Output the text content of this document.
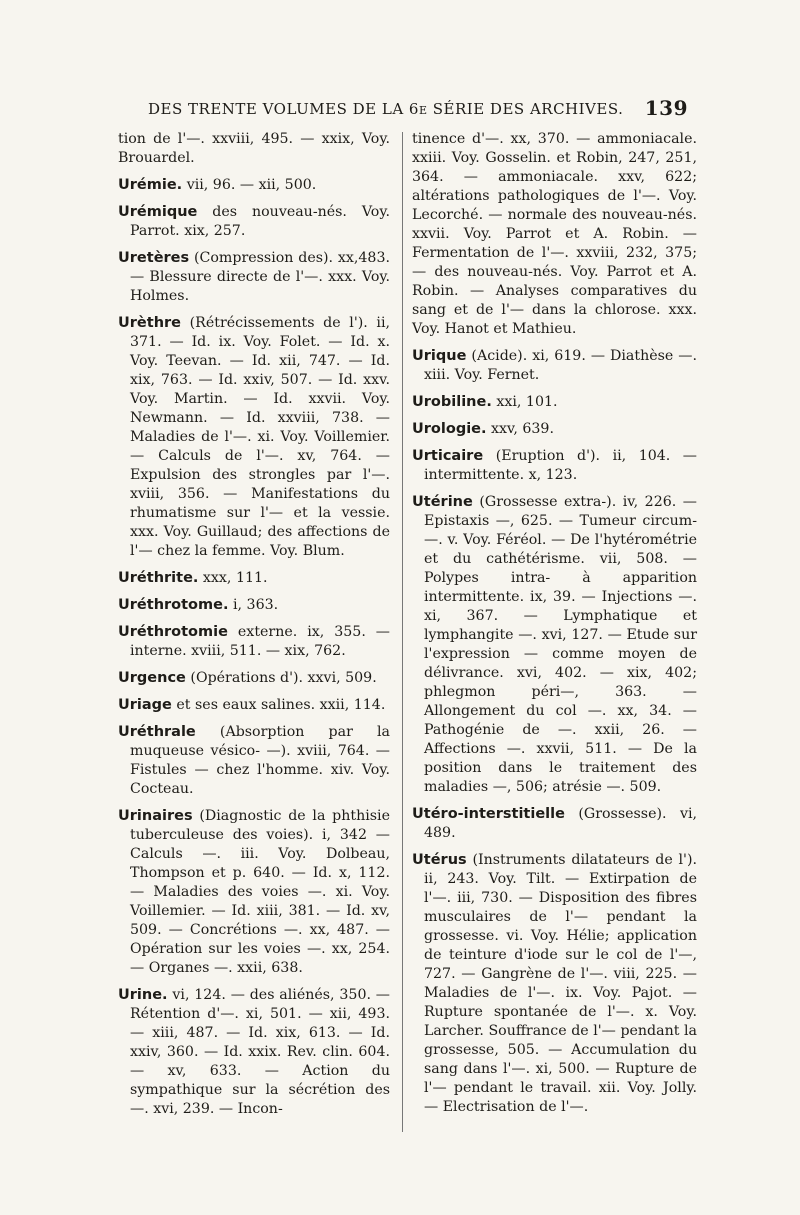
DES TRENTE VOLUMES DE LA 6e SÉRIE DES ARCHIVES. 139
tion de l'—. xxviii, 495. — xxix, Voy. Brouardel.
Urémie. vii, 96. — xii, 500.
Urémique des nouveau-nés. Voy. Parrot. xix, 257.
Uretères (Compression des). xx,483. — Blessure directe de l'—. xxx. Voy. Holmes.
Urèthre (Rétrécissements de l'). ii, 371. — Id. ix. Voy. Folet. — Id. x. Voy. Teevan. — Id. xii, 747. — Id. xix, 763. — Id. xxiv, 507. — Id. xxv. Voy. Martin. — Id. xxvii. Voy. Newmann. — Id. xxviii, 738. — Maladies de l'—. xi. Voy. Voillemier. — Calculs de l'—. xv, 764. — Expulsion des strongles par l'—. xviii, 356. — Manifestations du rhumatisme sur l'— et la vessie. xxx. Voy. Guillaud; des affections de l'— chez la femme. Voy. Blum.
Uréthrite. xxx, 111.
Uréthrotome. i, 363.
Uréthrotomie externe. ix, 355. — interne. xviii, 511. — xix, 762.
Urgence (Opérations d'). xxvi, 509.
Uriage et ses eaux salines. xxii, 114.
Uréthrale (Absorption par la muqueuse vésico- —). xviii, 764. — Fistules — chez l'homme. xiv. Voy. Cocteau.
Urinaires (Diagnostic de la phthisie tuberculeuse des voies). i, 342 — Calculs —. iii. Voy. Dolbeau, Thompson et p. 640. — Id. x, 112. — Maladies des voies —. xi. Voy. Voillemier. — Id. xiii, 381. — Id. xv, 509. — Concrétions —. xx, 487. — Opération sur les voies —. xx, 254. — Organes —. xxii, 638.
Urine. vi, 124. — des aliénés, 350. — Rétention d'—. xi, 501. — xii, 493. — xiii, 487. — Id. xix, 613. — Id. xxiv, 360. — Id. xxix. Rev. clin. 604. — xv, 633. — Action du sympathique sur la sécrétion des —. xvi, 239. — Incon-
tinence d'—. xx, 370. — ammoniacale. xxiii. Voy. Gosselin. et Robin, 247, 251, 364. — ammoniacale. xxv, 622; altérations pathologiques de l'—. Voy. Lecorché. — normale des nouveau-nés. xxvii. Voy. Parrot et A. Robin. — Fermentation de l'—. xxviii, 232, 375; — des nouveau-nés. Voy. Parrot et A. Robin. — Analyses comparatives du sang et de l'— dans la chlorose. xxx. Voy. Hanot et Mathieu.
Urique (Acide). xi, 619. — Diathèse —. xiii. Voy. Fernet.
Urobiline. xxi, 101.
Urologie. xxv, 639.
Urticaire (Eruption d'). ii, 104. — intermittente. x, 123.
Utérine (Grossesse extra-). iv, 226. — Epistaxis —, 625. — Tumeur circum- —. v. Voy. Féréol. — De l'hytérométrie et du cathétérisme. vii, 508. — Polypes intra- à apparition intermittente. ix, 39. — Injections —. xi, 367. — Lymphatique et lymphangite —. xvi, 127. — Etude sur l'expression — comme moyen de délivrance. xvi, 402. — xix, 402; phlegmon péri—, 363. — Allongement du col —. xx, 34. — Pathogénie de —. xxii, 26. — Affections —. xxvii, 511. — De la position dans le traitement des maladies —, 506; atrésie —. 509.
Utéro-interstitielle (Grossesse). vi, 489.
Utérus (Instruments dilatateurs de l'). ii, 243. Voy. Tilt. — Extirpation de l'—. iii, 730. — Disposition des fibres musculaires de l'— pendant la grossesse. vi. Voy. Hélie; application de teinture d'iode sur le col de l'—, 727. — Gangrène de l'—. viii, 225. — Maladies de l'—. ix. Voy. Pajot. — Rupture spontanée de l'—. x. Voy. Larcher. Souffrance de l'— pendant la grossesse, 505. — Accumulation du sang dans l'—. xi, 500. — Rupture de l'— pendant le travail. xii. Voy. Jolly. — Electrisation de l'—.
